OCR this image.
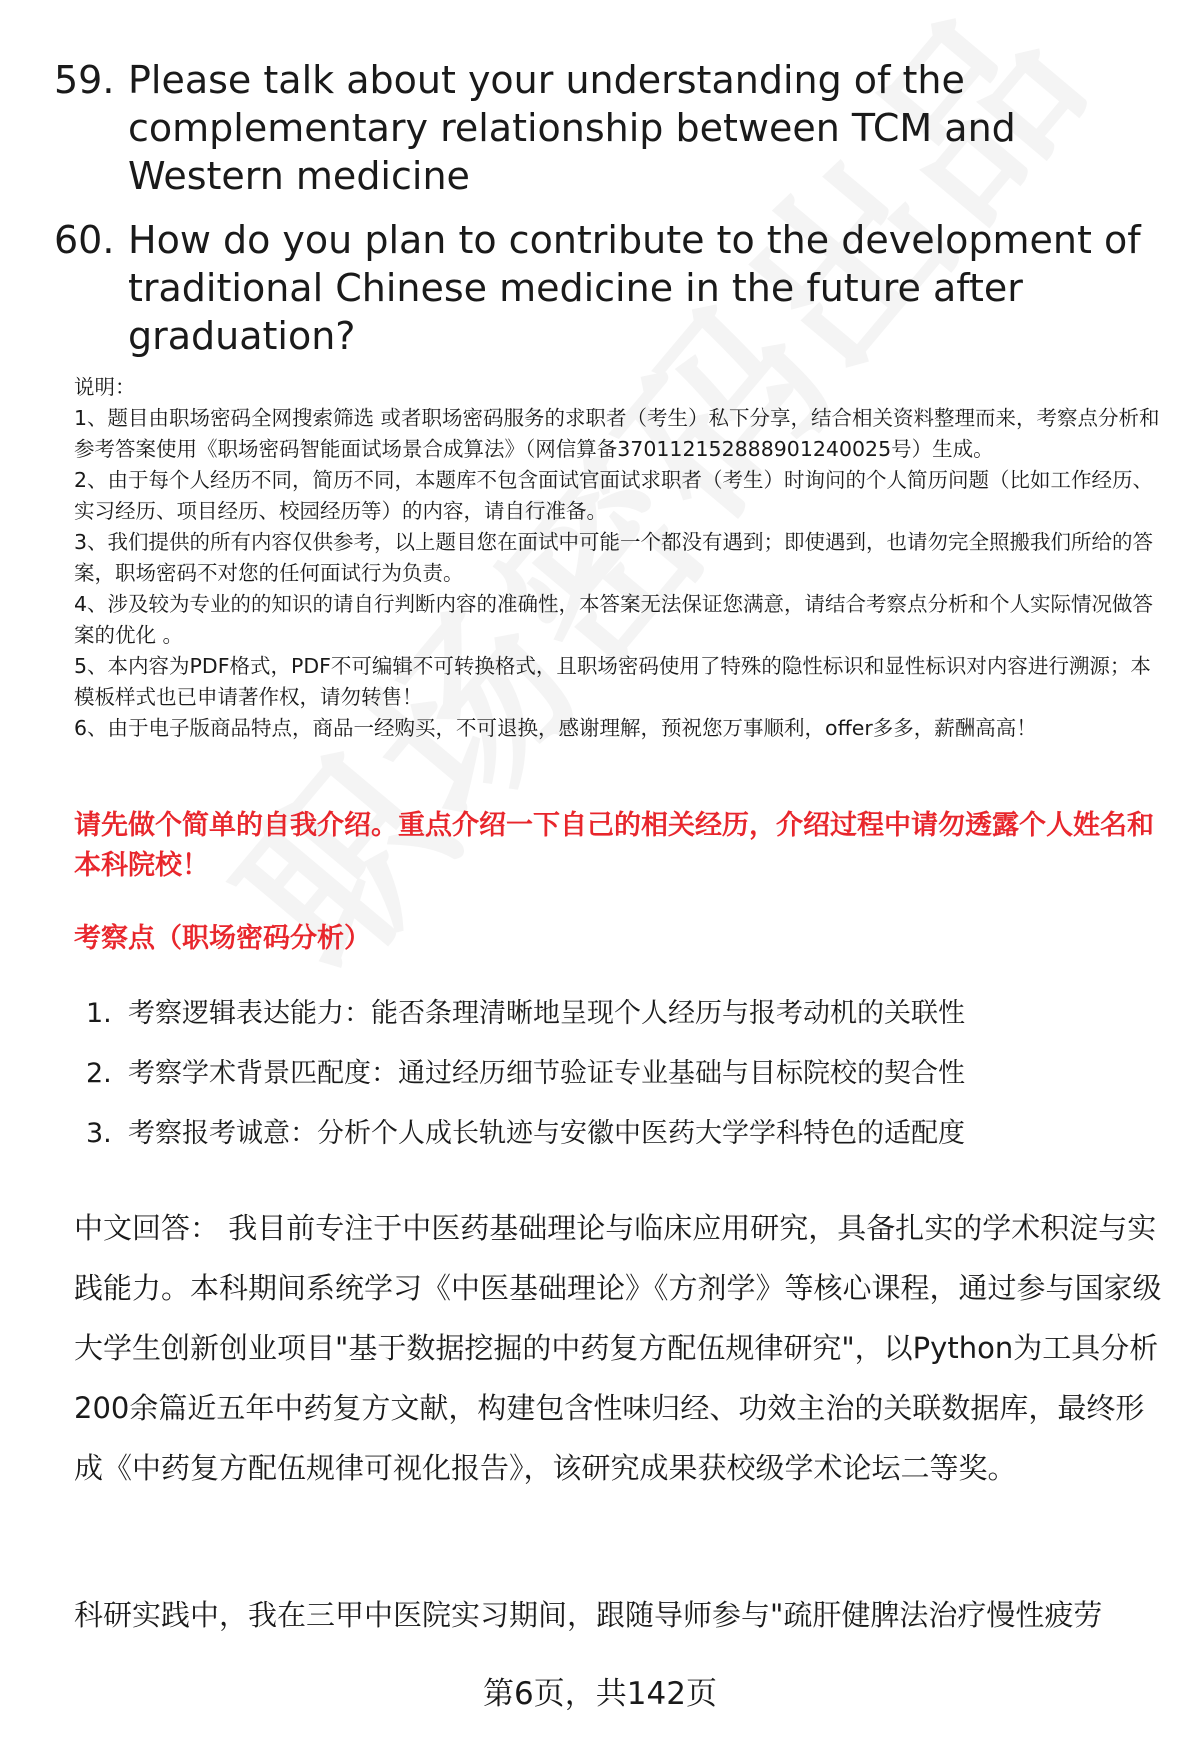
59. Please talk about your understanding of the complementary relationship between TCM and Western medicine
60. How do you plan to contribute to the development of traditional Chinese medicine in the future after graduation?

说明：

1、题目由职场密码全网搜索筛选 或者职场密码服务的求职者（考生）私下分享，结合相关资料整理而来，考察点分析和参考答案使用《职场密码智能面试场景合成算法》（网信算备370112152888901240025号）生成。

2、由于每个人经历不同，简历不同，本题库不包含面试官面试求职者（考生）时询问的个人简历问题（比如工作经历、实习经历、项目经历、校园经历等）的内容，请自行准备。

3、我们提供的所有内容仅供参考，以上题目您在面试中可能一个都没有遇到；即使遇到，也请勿完全照搬我们所给的答案，职场密码不对您的任何面试行为负责。

4、涉及较为专业的的知识的请自行判断内容的准确性，本答案无法保证您满意，请结合考察点分析和个人实际情况做答案的优化 。

5、本内容为PDF格式，PDF不可编辑不可转换格式，且职场密码使用了特殊的隐性标识和显性标识对内容进行溯源；本模板样式也已申请著作权，请勿转售！

6、由于电子版商品特点，商品一经购买，不可退换，感谢理解，预祝您万事顺利，offer多多，薪酬高高！

请先做个简单的自我介绍。重点介绍一下自己的相关经历，介绍过程中请勿透露个人姓名和本科院校！
考察点（职场密码分析）
1. 考察逻辑表达能力：能否条理清晰地呈现个人经历与报考动机的关联性
2. 考察学术背景匹配度：通过经历细节验证专业基础与目标院校的契合性
3. 考察报考诚意：分析个人成长轨迹与安徽中医药大学学科特色的适配度

中文回答： 我目前专注于中医药基础理论与临床应用研究，具备扎实的学术积淀与实践能力。本科期间系统学习《中医基础理论》《方剂学》等核心课程，通过参与国家级大学生创新创业项目"基于数据挖掘的中药复方配伍规律研究"，以Python为工具分析200余篇近五年中药复方文献，构建包含性味归经、功效主治的关联数据库，最终形成《中药复方配伍规律可视化报告》，该研究成果获校级学术论坛二等奖。

科研实践中，我在三甲中医院实习期间，跟随导师参与"疏肝健脾法治疗慢性疲劳
第6页，共142页
